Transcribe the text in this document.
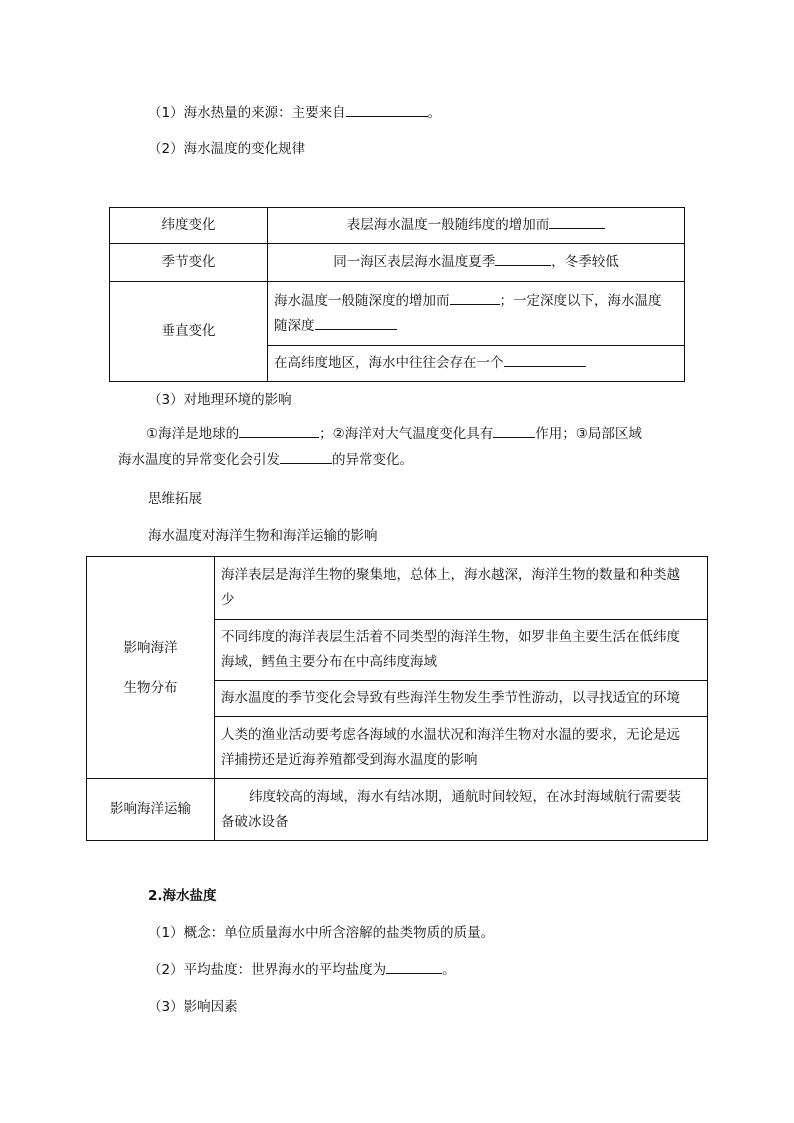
（1）海水热量的来源：主要来自	。
（2）海水温度的变化规律
纬度变化	表层海水温度一般随纬度的增加而
季节变化	同一海区表层海水温度夏季 ，冬季较低
垂直变化	海水温度一般随深度的增加而 ；一定深度以下，海水温度
随深度
	在高纬度地区，海水中往往会存在一个
（3）对地理环境的影响
①海洋是地球的	；②海洋对大气温度变化具有	作用；③局部区域
海水温度的异常变化会引发	的异常变化。
思维拓展
海水温度对海洋生物和海洋运输的影响
影响海洋
生物分布	海洋表层是海洋生物的聚集地，总体上，海水越深，海洋生物的数量和种类越
少
	不同纬度的海洋表层生活着不同类型的海洋生物，如罗非鱼主要生活在低纬度
海域，鳕鱼主要分布在中高纬度海域
	海水温度的季节变化会导致有些海洋生物发生季节性游动，以寻找适宜的环境
	人类的渔业活动要考虑各海域的水温状况和海洋生物对水温的要求，无论是远
洋捕捞还是近海养殖都受到海水温度的影响
影响海洋运输	纬度较高的海域，海水有结冰期，通航时间较短，在冰封海域航行需要装
备破冰设备
2.海水盐度
（1）概念：单位质量海水中所含溶解的盐类物质的质量。
（2）平均盐度：世界海水的平均盐度为	。
（3）影响因素
